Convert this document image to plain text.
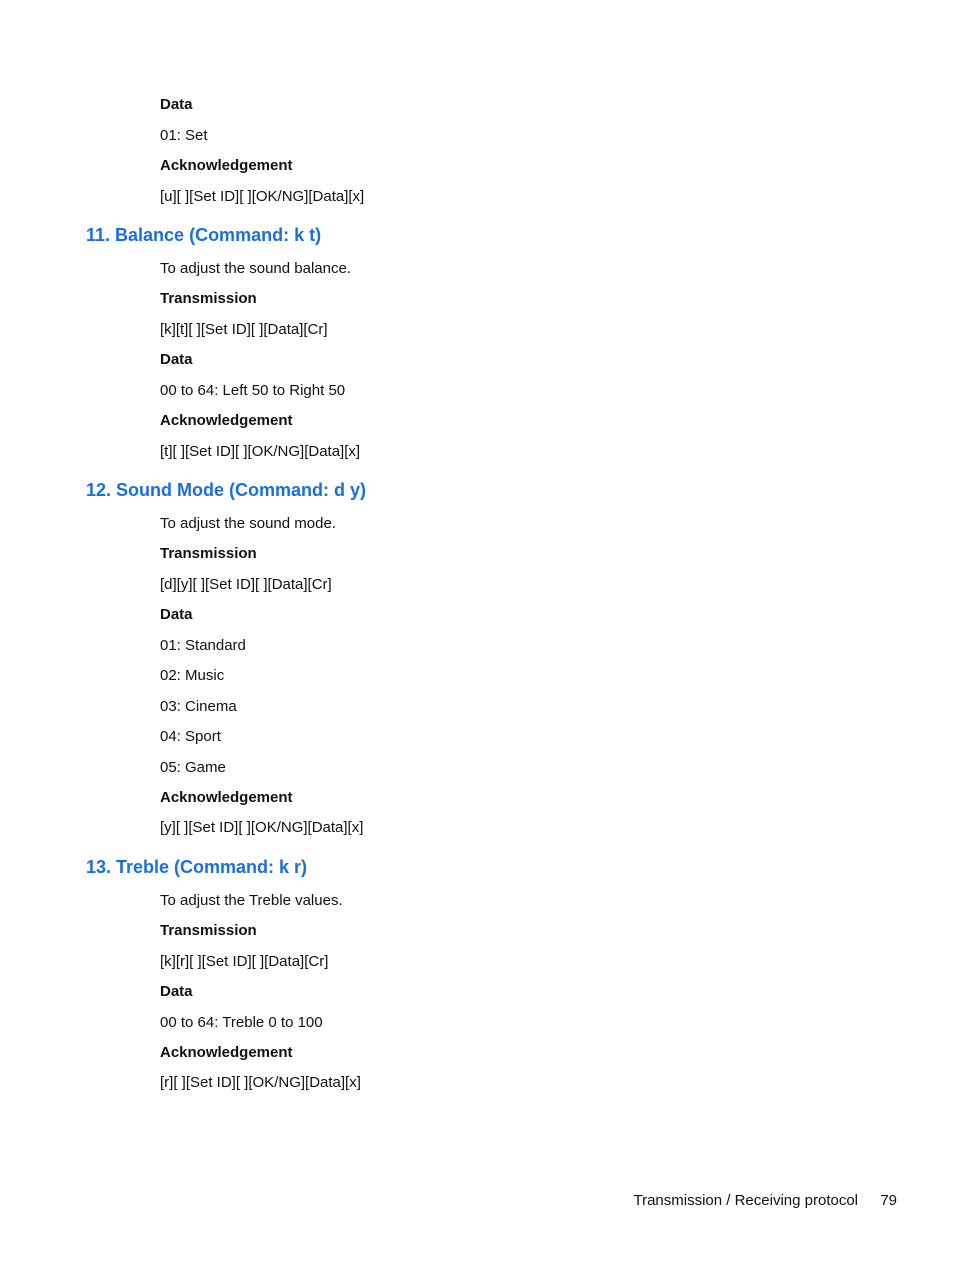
Data
01: Set
Acknowledgement
[u][ ][Set ID][ ][OK/NG][Data][x]
11. Balance (Command: k t)
To adjust the sound balance.
Transmission
[k][t][ ][Set ID][ ][Data][Cr]
Data
00 to 64: Left 50 to Right 50
Acknowledgement
[t][ ][Set ID][ ][OK/NG][Data][x]
12. Sound Mode (Command: d y)
To adjust the sound mode.
Transmission
[d][y][ ][Set ID][ ][Data][Cr]
Data
01: Standard
02: Music
03: Cinema
04: Sport
05: Game
Acknowledgement
[y][ ][Set ID][ ][OK/NG][Data][x]
13. Treble (Command: k r)
To adjust the Treble values.
Transmission
[k][r][ ][Set ID][ ][Data][Cr]
Data
00 to 64: Treble 0 to 100
Acknowledgement
[r][ ][Set ID][ ][OK/NG][Data][x]
Transmission / Receiving protocol 79
